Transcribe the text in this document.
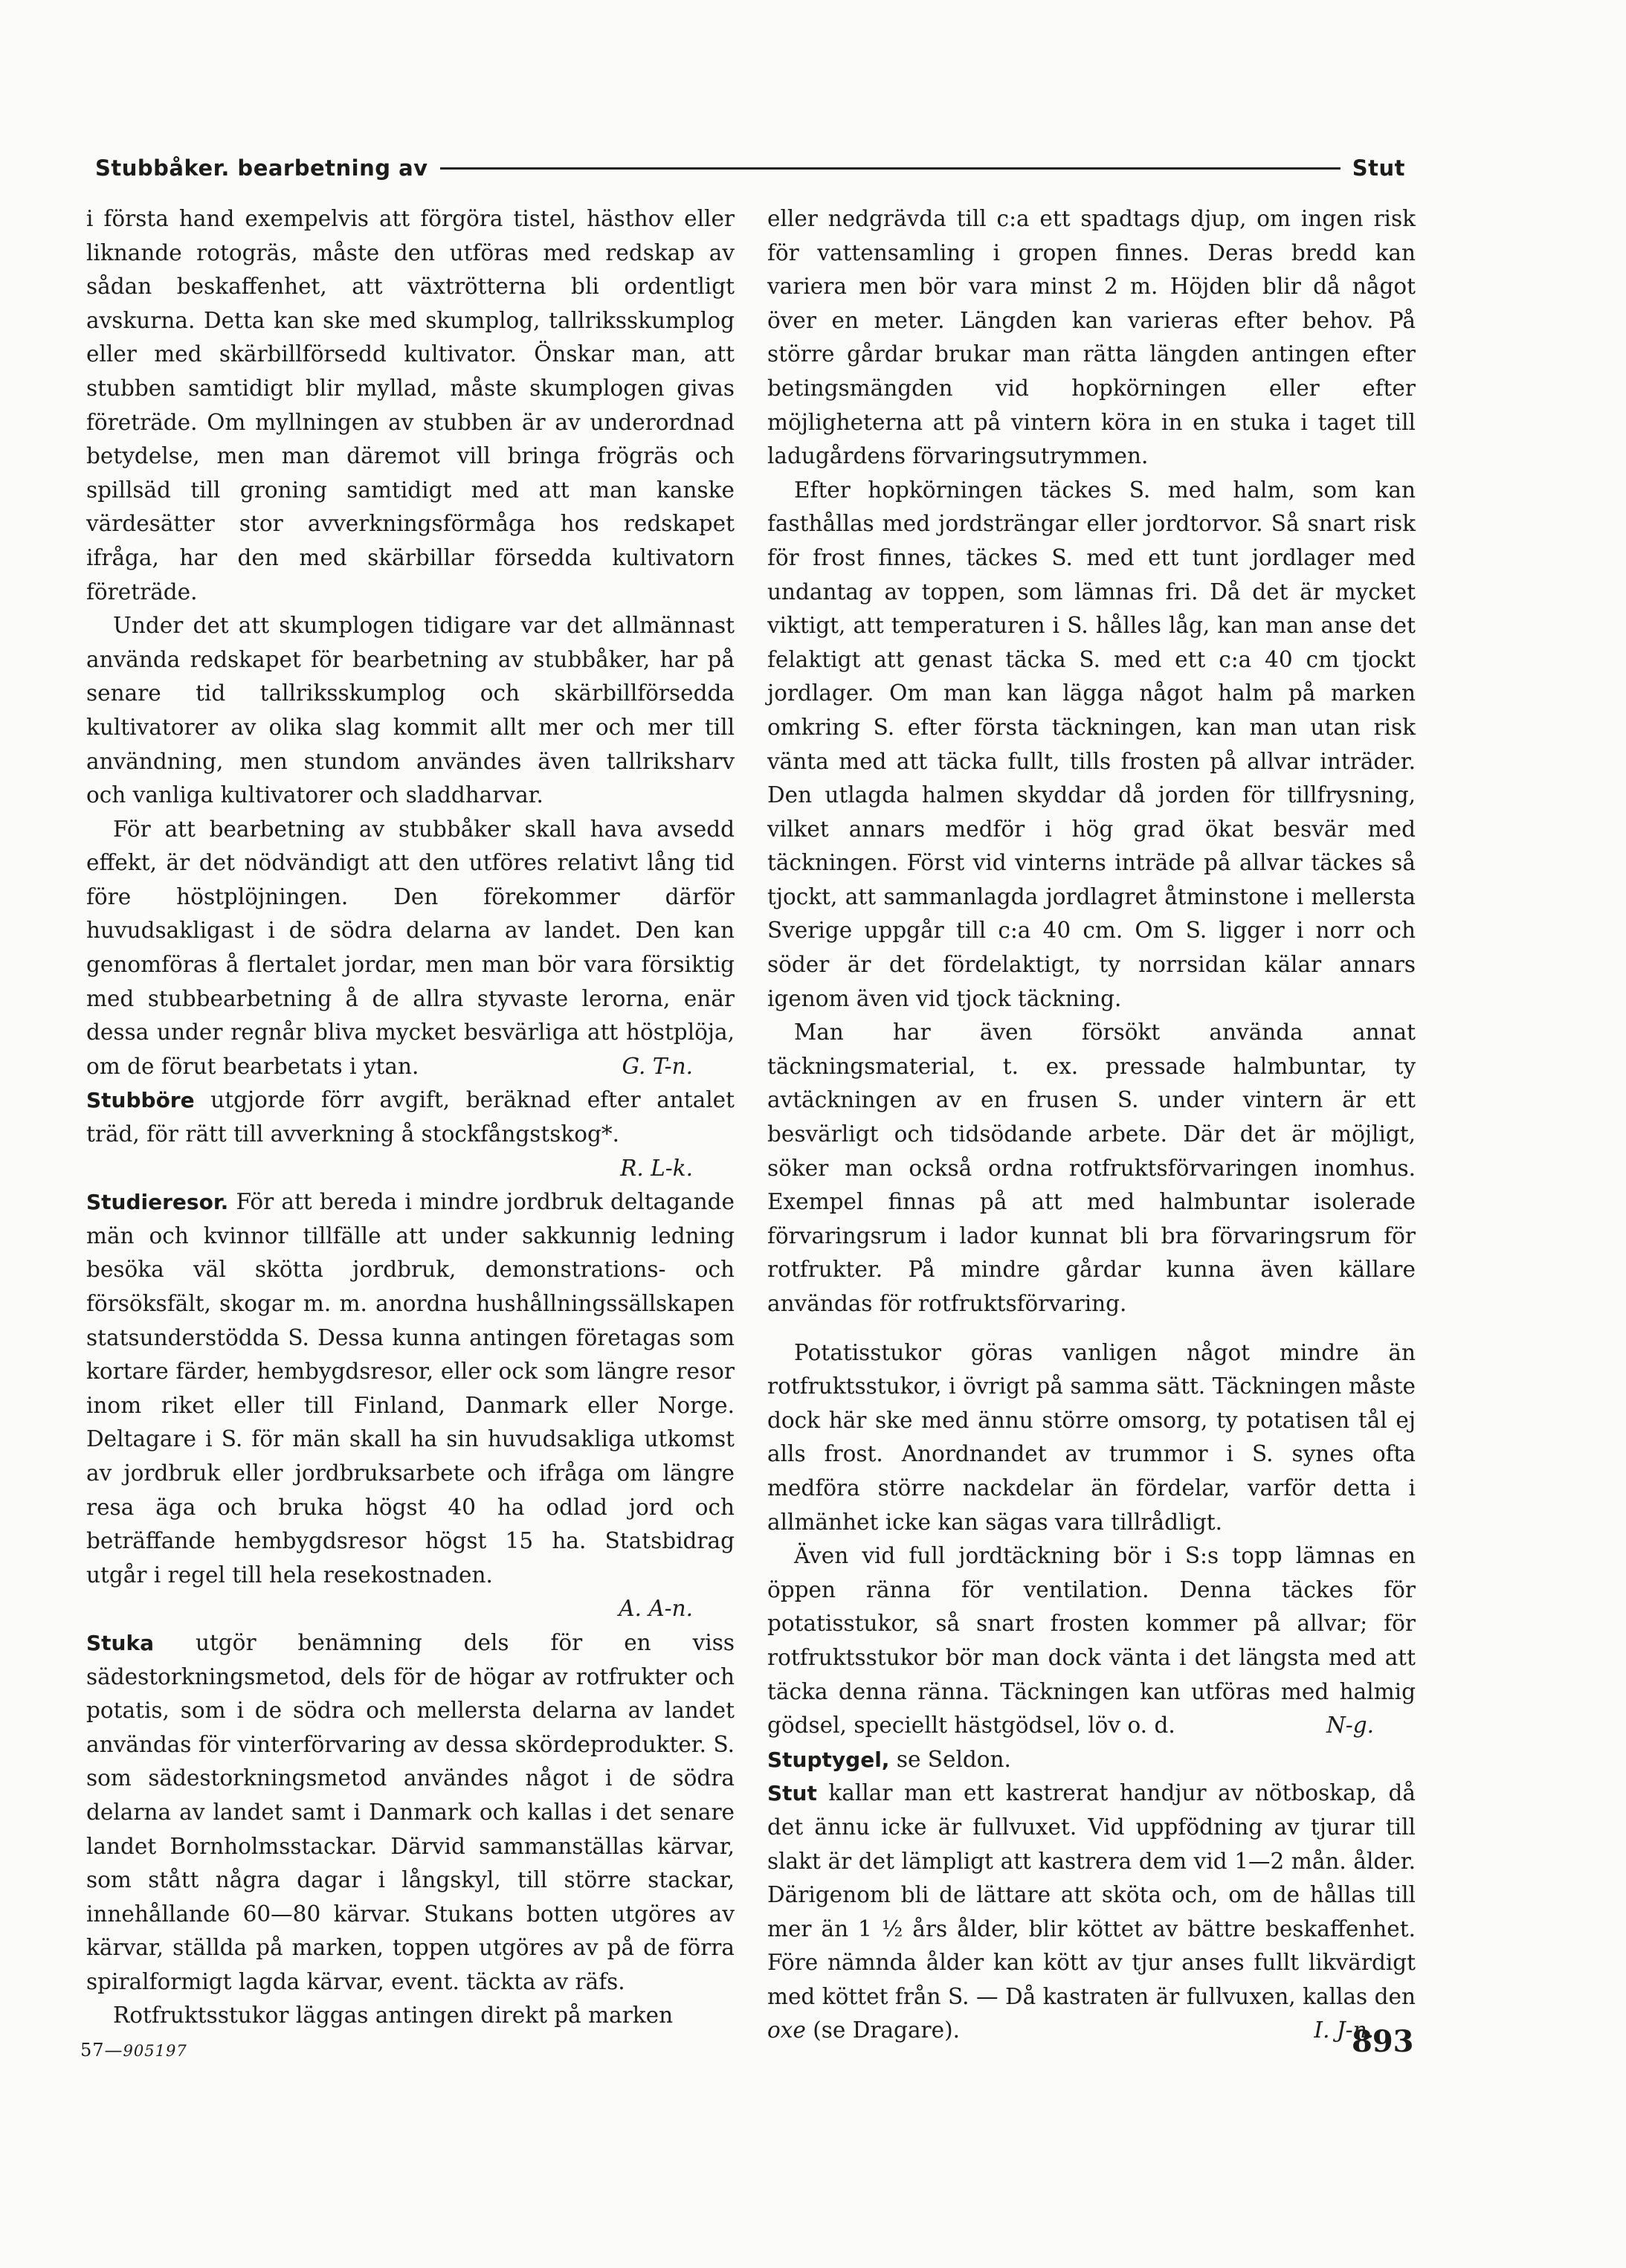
Stubbåker. bearbetning av	Stut

i första hand exempelvis att förgöra tistel, hästhov eller liknande rotogräs, måste den utföras med redskap av sådan beskaffenhet, att växtrötterna bli ordentligt avskurna. Detta kan ske med skumplog, tallriksskumplog eller med skärbillförsedd kultivator. Önskar man, att stubben samtidigt blir myllad, måste skumplogen givas företräde. Om myllningen av stubben är av underordnad betydelse, men man däremot vill bringa frögräs och spillsäd till groning samtidigt med att man kanske värdesätter stor avverkningsförmåga hos redskapet ifråga, har den med skärbillar försedda kultivatorn företräde.

Under det att skumplogen tidigare var det allmännast använda redskapet för bearbetning av stubbåker, har på senare tid tallriksskumplog och skärbillförsedda kultivatorer av olika slag kommit allt mer och mer till användning, men stundom användes även tallriksharv och vanliga kultivatorer och sladdharvar.

För att bearbetning av stubbåker skall hava avsedd effekt, är det nödvändigt att den utföres relativt lång tid före höstplöjningen. Den förekommer därför huvudsakligast i de södra delarna av landet. Den kan genomföras å flertalet jordar, men man bör vara försiktig med stubbearbetning å de allra styvaste lerorna, enär dessa under regnår bliva mycket besvärliga att höstplöja, om de förut bearbetats i ytan.	G. T-n.

Stubböre utgjorde förr avgift, beräknad efter antalet träd, för rätt till avverkning å stockfångstskog*.

R. L-k.

Studieresor. För att bereda i mindre jordbruk deltagande män och kvinnor tillfälle att under sakkunnig ledning besöka väl skötta jordbruk, demonstrations- och försöksfält, skogar m. m. anordna hushållningssällskapen statsunderstödda S. Dessa kunna antingen företagas som kortare färder, hembygdsresor, eller ock som längre resor inom riket eller till Finland, Danmark eller Norge. Deltagare i S. för män skall ha sin huvudsakliga utkomst av jordbruk eller jordbruksarbete och ifråga om längre resa äga och bruka högst 40 ha odlad jord och beträffande hembygdsresor högst 15 ha. Statsbidrag utgår i regel till hela resekostnaden.

A. A-n.

Stuka utgör benämning dels för en viss sädestorkningsmetod, dels för de högar av rotfrukter och potatis, som i de södra och mellersta delarna av landet användas för vinterförvaring av dessa skördeprodukter. S. som sädestorkningsmetod användes något i de södra delarna av landet samt i Danmark och kallas i det senare landet Bornholmsstackar. Därvid sammanställas kärvar, som stått några dagar i långskyl, till större stackar, innehållande 60—80 kärvar. Stukans botten utgöres av kärvar, ställda på marken, toppen utgöres av på de förra spiralformigt lagda kärvar, event. täckta av räfs.

Rotfruktsstukor läggas antingen direkt på marken

eller nedgrävda till c:a ett spadtags djup, om ingen risk för vattensamling i gropen finnes. Deras bredd kan variera men bör vara minst 2 m. Höjden blir då något över en meter. Längden kan varieras efter behov. På större gårdar brukar man rätta längden antingen efter betingsmängden vid hopkörningen eller efter möjligheterna att på vintern köra in en stuka i taget till ladugårdens förvaringsutrymmen.

Efter hopkörningen täckes S. med halm, som kan fasthållas med jordsträngar eller jordtorvor. Så snart risk för frost finnes, täckes S. med ett tunt jordlager med undantag av toppen, som lämnas fri. Då det är mycket viktigt, att temperaturen i S. hålles låg, kan man anse det felaktigt att genast täcka S. med ett c:a 40 cm tjockt jordlager. Om man kan lägga något halm på marken omkring S. efter första täckningen, kan man utan risk vänta med att täcka fullt, tills frosten på allvar inträder. Den utlagda halmen skyddar då jorden för tillfrysning, vilket annars medför i hög grad ökat besvär med täckningen. Först vid vinterns inträde på allvar täckes så tjockt, att sammanlagda jordlagret åtminstone i mellersta Sverige uppgår till c:a 40 cm. Om S. ligger i norr och söder är det fördelaktigt, ty norrsidan kälar annars igenom även vid tjock täckning.

Man har även försökt använda annat täckningsmaterial, t. ex. pressade halmbuntar, ty avtäckningen av en frusen S. under vintern är ett besvärligt och tidsödande arbete. Där det är möjligt, söker man också ordna rotfruktsförvaringen inomhus. Exempel finnas på att med halmbuntar isolerade förvaringsrum i lador kunnat bli bra förvaringsrum för rotfrukter. På mindre gårdar kunna även källare användas för rotfruktsförvaring.

Potatisstukor göras vanligen något mindre än rotfruktsstukor, i övrigt på samma sätt. Täckningen måste dock här ske med ännu större omsorg, ty potatisen tål ej alls frost. Anordnandet av trummor i S. synes ofta medföra större nackdelar än fördelar, varför detta i allmänhet icke kan sägas vara tillrådligt.

Även vid full jordtäckning bör i S:s topp lämnas en öppen ränna för ventilation. Denna täckes för potatisstukor, så snart frosten kommer på allvar; för rotfruktsstukor bör man dock vänta i det längsta med att täcka denna ränna. Täckningen kan utföras med halmig gödsel, speciellt hästgödsel, löv o. d.	N-g.

Stuptygel, se Seldon.

Stut kallar man ett kastrerat handjur av nötboskap, då det ännu icke är fullvuxet. Vid uppfödning av tjurar till slakt är det lämpligt att kastrera dem vid 1—2 mån. ålder. Därigenom bli de lättare att sköta och, om de hållas till mer än 1 ½ års ålder, blir köttet av bättre beskaffenhet. Före nämnda ålder kan kött av tjur anses fullt likvärdigt med köttet från S. — Då kastraten är fullvuxen, kallas den oxe (se Dragare).	I. J-n.

57—905197	893
